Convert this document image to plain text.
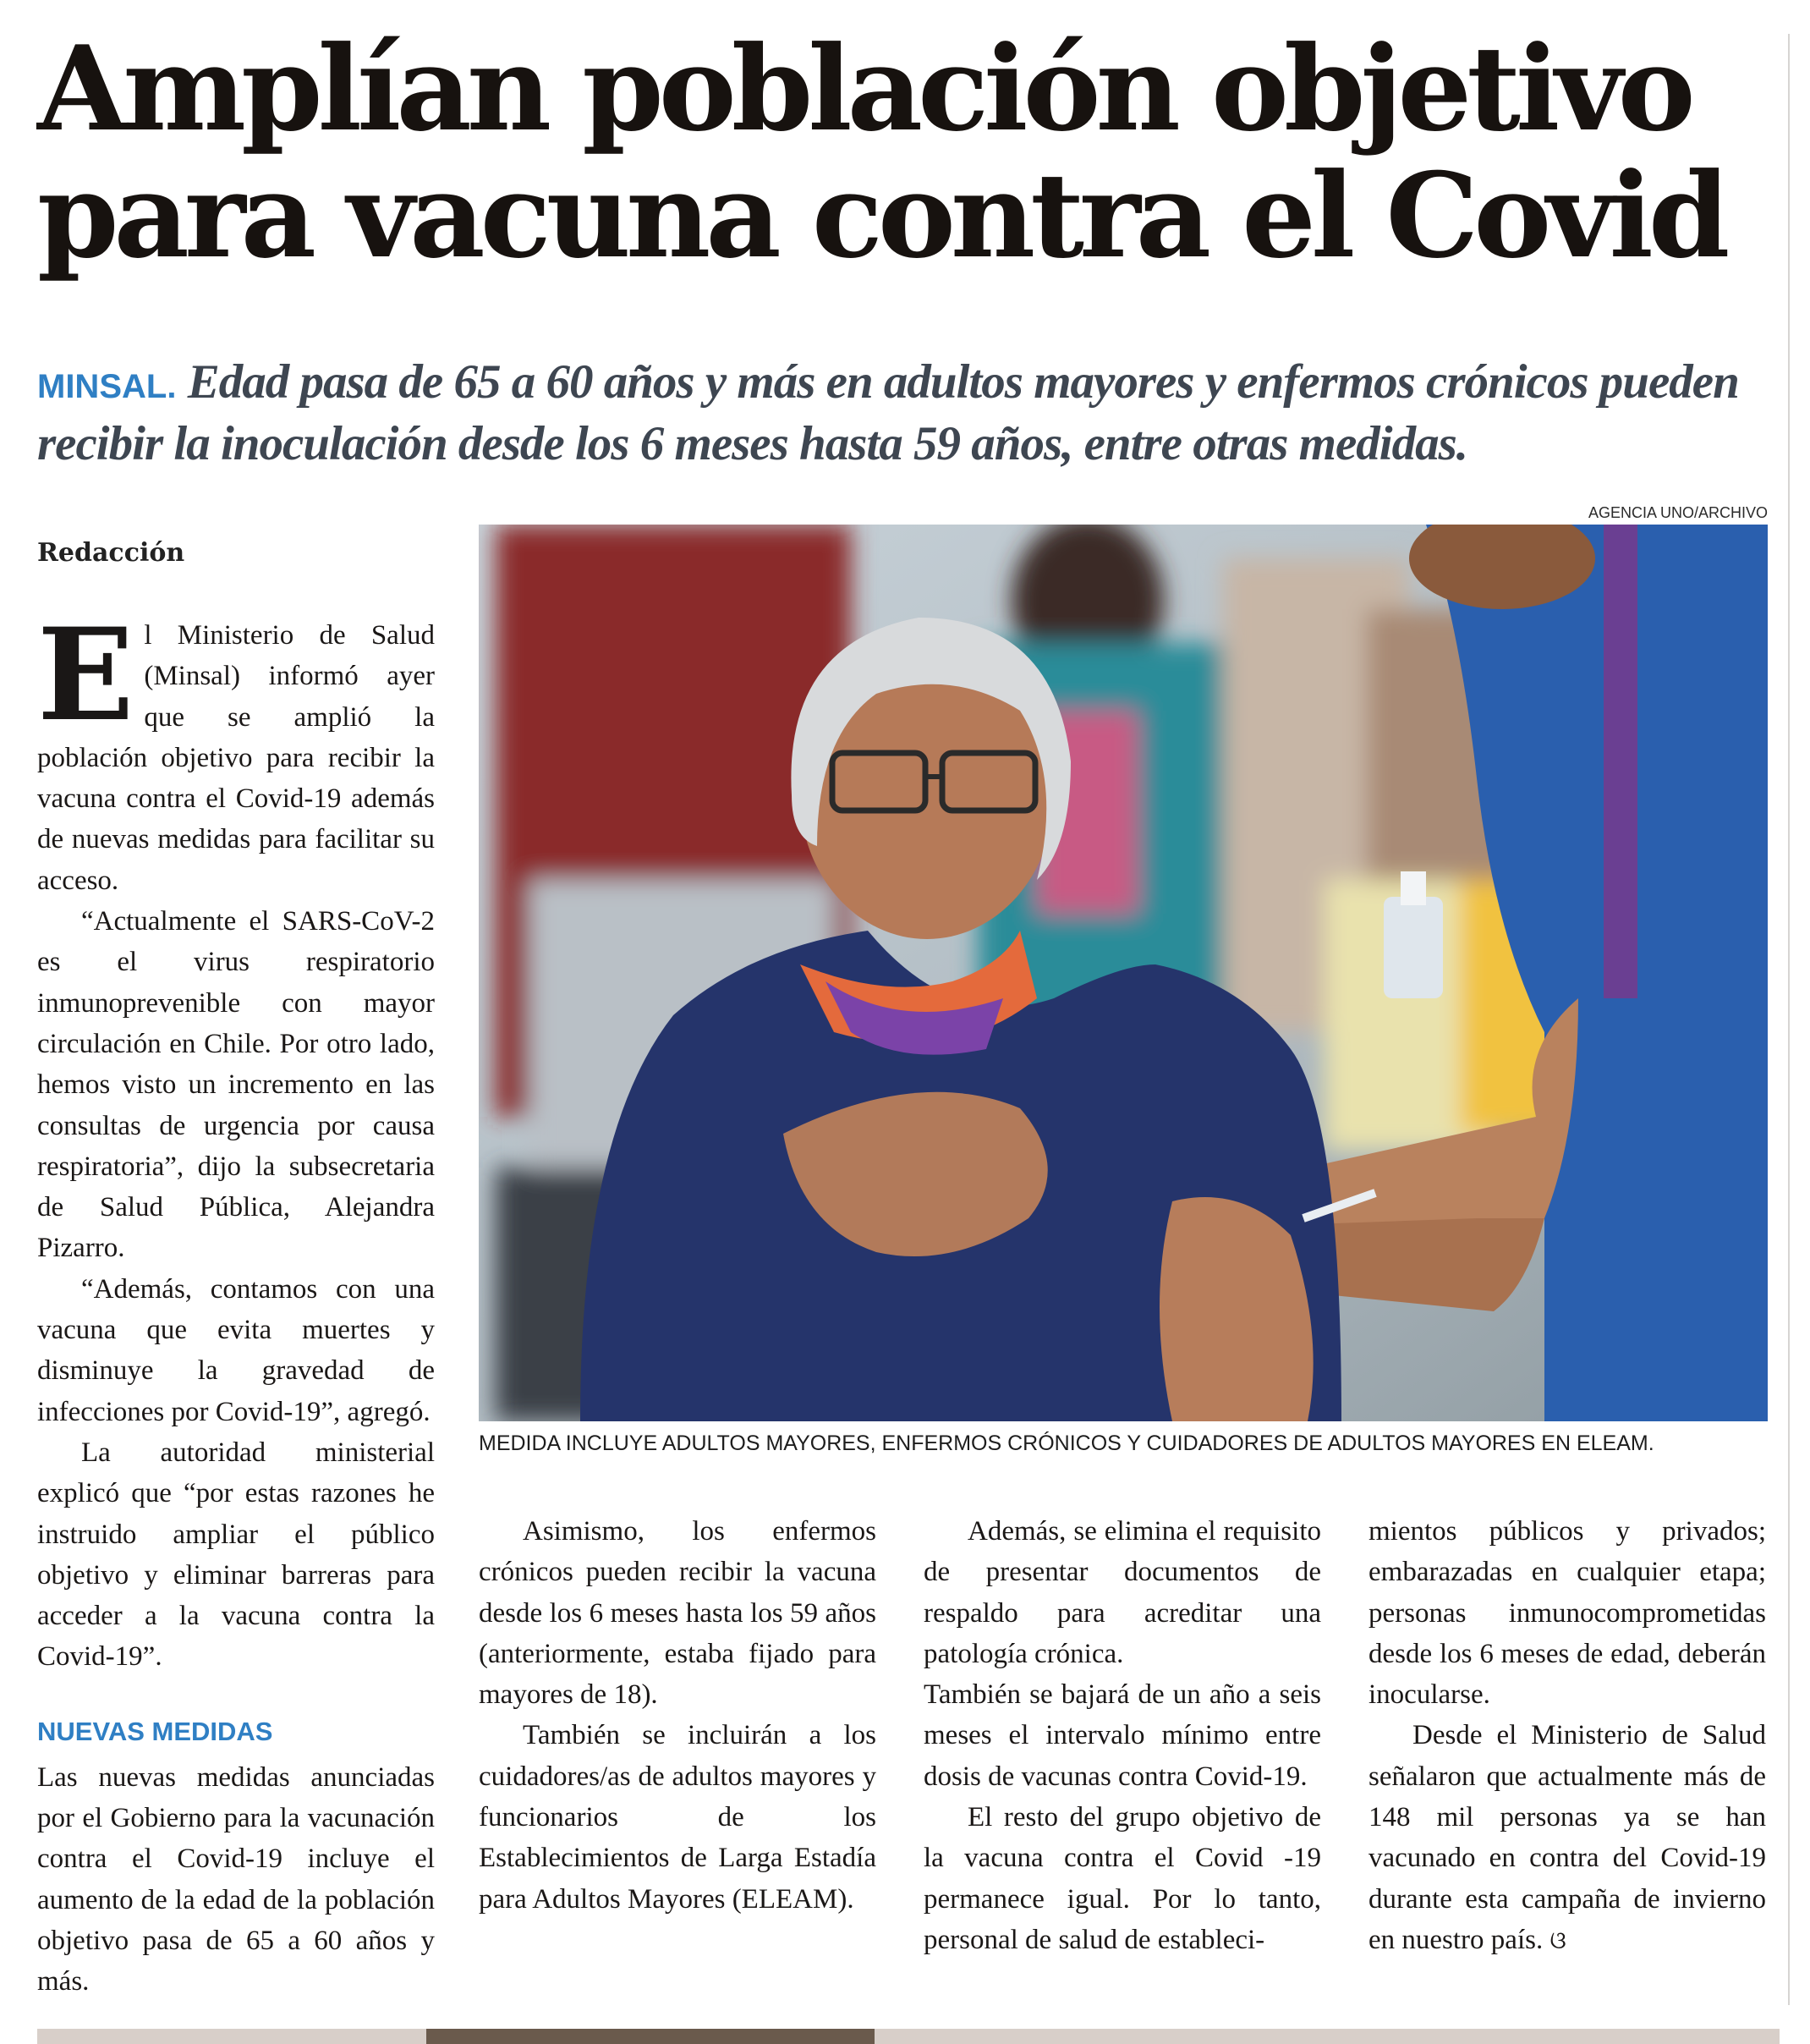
Amplían población objetivo
para vacuna contra el Covid
MINSAL. Edad pasa de 65 a 60 años y más en adultos mayores y enfermos crónicos pueden recibir la inoculación desde los 6 meses hasta 59 años, entre otras medidas.
Redacción
AGENCIA UNO/ARCHIVO
MEDIDA INCLUYE ADULTOS MAYORES, ENFERMOS CRÓNICOS Y CUIDADORES DE ADULTOS MAYORES EN ELEAM.

El Ministerio de Salud (Minsal) informó ayer que se amplió la población objetivo para recibir la vacuna contra el Covid-19 además de nuevas medidas para facilitar su acceso.

“Actualmente el SARS-CoV-2 es el virus respiratorio inmunoprevenible con mayor circulación en Chile. Por otro lado, hemos visto un incremento en las consultas de urgencia por causa respiratoria”, dijo la subsecretaria de Salud Pública, Alejandra Pizarro.

“Además, contamos con una vacuna que evita muertes y disminuye la gravedad de infecciones por Covid-19”, agregó.

La autoridad ministerial explicó que “por estas razones he instruido ampliar el público objetivo y eliminar barreras para acceder a la vacuna contra la Covid-19”.

NUEVAS MEDIDAS

Las nuevas medidas anunciadas por el Gobierno para la vacunación contra el Covid-19 incluye el aumento de la edad de la población objetivo pasa de 65 a 60 años y más.

Asimismo, los enfermos crónicos pueden recibir la vacuna desde los 6 meses hasta los 59 años (anteriormente, estaba fijado para mayores de 18).

También se incluirán a los cuidadores/as de adultos mayores y funcionarios de los Establecimientos de Larga Estadía para Adultos Mayores (ELEAM).

Además, se elimina el requisito de presentar documentos de respaldo para acreditar una patología crónica.

También se bajará de un año a seis meses el intervalo mínimo entre dosis de vacunas contra Covid-19.

El resto del grupo objetivo de la vacuna contra el Covid -19 permanece igual. Por lo tanto, personal de salud de estableci-

mientos públicos y privados; embarazadas en cualquier etapa; personas inmunocomprometidas desde los 6 meses de edad, deberán inocularse.

Desde el Ministerio de Salud señalaron que actualmente más de 148 mil personas ya se han vacunado en contra del Covid-19 durante esta campaña de invierno en nuestro país. ଓ
